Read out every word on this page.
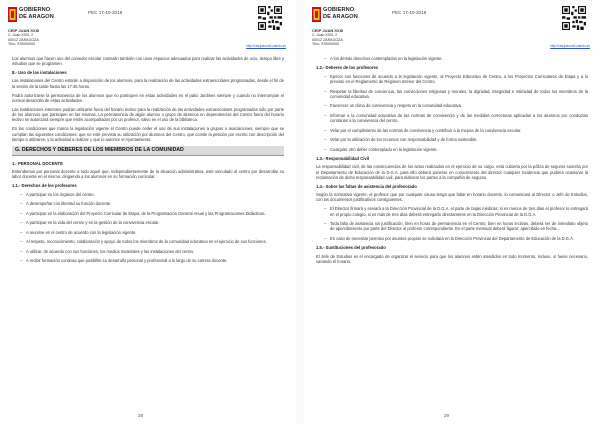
GOBIERNO
DE ARAGON
CEIP JUAN XXIII
C. Juan XXIII, 2
50012 ZARAGOZA
Tfno. 976000000
PEC 17-10-2019
http://ceipjuanxxiii.catedu.es

Los alumnos que hacen uso del comedor escolar contarán también con unos espacios adecuados para realizar las actividades de ocio, tiempo libre y estudios que se programen.

8.- Uso de las instalaciones

Las instalaciones del Centro estarán a disposición de los alumnos, para la realización de las actividades extraescolares programadas, desde el fin de la sesión de la tarde hasta las 17:45 horas.

Podrá autorizarse la permanencia de los alumnos que no participen en estas actividades en el patio Jardines siempre y cuando no interrumpan el normal desarrollo de estas actividades.

Las instalaciones interiores podrán utilizarse fuera del horario lectivo para la realización de las actividades extraescolares programadas sólo por parte de los alumnos que participen en las mismas. La permanencia de algún alumno o grupo de alumnos en dependencias del Centro fuera del horario lectivo se autorizará siempre que estén acompañados por un profesor, salvo en el uso de la biblioteca.

En las condiciones que marca la legislación vigente el Centro puede ceder el uso de sus instalaciones a grupos o asociaciones, siempre que se cumplan las siguientes condiciones: que no esté prevista su utilización por alumnos del Centro, que conste la petición por escrito con descripción del tiempo a utilizarse, y la actividad a realizar y que lo autorice el Ayuntamiento.

G. DERECHOS Y DEBERES DE LOS MIEMBROS DE LA COMUNIDAD
1.- PERSONAL DOCENTE

Entendemos por personal docente a todo aquel que, independientemente de la situación administrativa, esté vinculado al centro por desarrollar su labor docente en el mismo, dirigiendo a los alumnos en su formación curricular.

1.1.- Derechos de los profesores
– A participar en los órganos del centro.
– A desempeñar con libertad su función docente.
– A participar en la elaboración del Proyecto Curricular de Etapa, de la Programación General Anual y las Programaciones Didácticas.
– A participar en la vida del centro y en la gestión de la convivencia escolar.
– A reunirse en el centro de acuerdo con la legislación vigente.
– Al respeto, reconocimiento, colaboración y apoyo de todos los miembros de la comunidad educativa en el ejercicio de sus funciones.
– A utilizar, de acuerdo con sus funciones, los medios materiales y las instalaciones del centro.
– A recibir formación continua que posibilite su desarrollo personal y profesional a lo largo de su carrera docente.
28
GOBIERNO
DE ARAGON
CEIP JUAN XXIII
C. Juan XXIII, 2
50012 ZARAGOZA
Tfno. 976000000
PEC 17-10-2019
http://ceipjuanxxiii.catedu.es
– A los demás derechos contemplados en la legislación vigente.
1.2.- Deberes de los profesores
– Ejercer sus funciones de acuerdo a la legislación vigente, al Proyecto Educativo de Centro, a los Proyectos Curriculares de Etapa y a lo previsto en el Reglamento de Régimen Interior del Centro.
– Respetar la libertad de conciencia, las convicciones religiosas y morales, la dignidad, integridad e intimidad de todos los miembros de la comunidad educativa.
– Favorecer un clima de convivencia y respeto en la comunidad educativa.
– Informar a la comunidad educativa de las normas de convivencia y de las medidas correctoras aplicadas a los alumnos por conductas contrarias a la convivencia del centro.
– Velar por el cumplimiento de las normas de convivencia y contribuir a la mejora de la convivencia escolar.
– Velar por la utilización de los recursos con responsabilidad y de forma sostenible.
– Cualquier otro deber contemplado en la legislación vigente.
1.3.- Responsabilidad Civil

La responsabilidad civil, de las consecuencias de los actos realizados en el ejercicio de su cargo, está cubierta por la póliza de seguros suscrita por el Departamento de Educación de la D.G.A. para ello deberá ponerse en conocimiento del director cualquier incidencia que pudiera ocasionar la reclamación de dicha responsabilidad civil, para elaborar los partes a la compañía de seguros.

1.4.- Sobre las faltas de asistencia del profesorado

Según la normativa vigente, el profesor que por cualquier causa tenga que faltar en horario docente, lo comunicará al Director o Jefe de Estudios, con los documentos justificativos consiguientes.

– El Director firmará y enviará a la Dirección Provincial de la D.G.A. el parte de bajas médicas; si es menos de tres días el profesor lo entregará en el propio colegio, si es más de tres días deberá entregarlo directamente en la Dirección Provincial de la D.G.A.
– Toda falta de asistencia sin justificación, bien en horas de permanencia en el Centro, bien en horas lectivas, deberá ser de inmediato objeto de apercibimiento por parte del Director al profesor correspondiente. En el parte mensual deberá figurar: apercibido en fecha...
– En caso de necesitar permiso por asuntos propios se solicitará en la Dirección Provincial del Departamento de Educación de la D.G.A.
1.5.- Sustituciones del profesorado

El Jefe de Estudios es el encargado de organizar el servicio para que los alumnos estén atendidos en todo momento, incluso, si fuese necesario, variando el horario.

29
